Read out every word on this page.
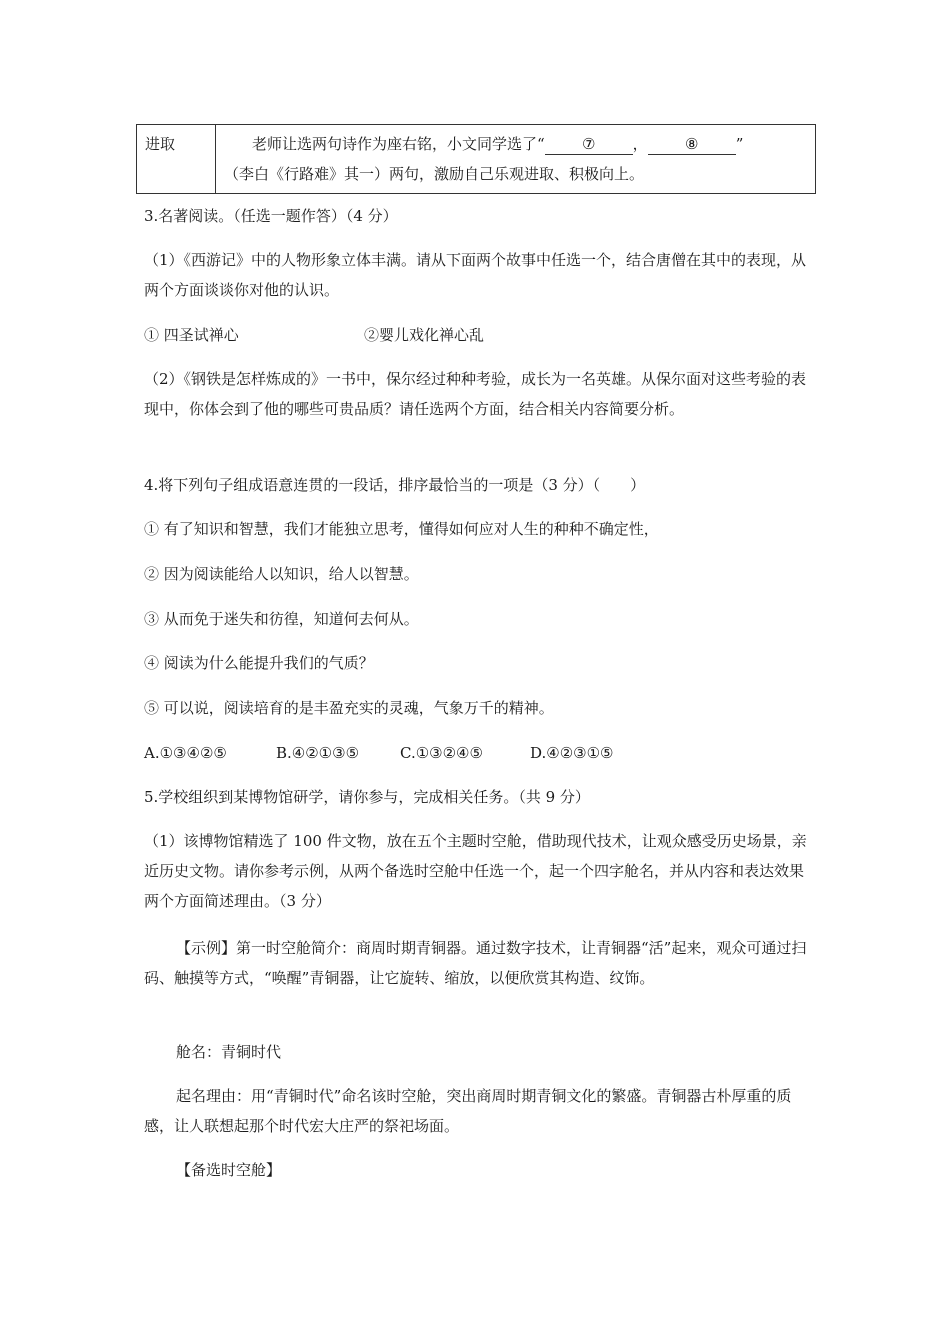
进取	老师让选两句诗作为座右铭，小文同学选了“ ⑦ ， ⑧ ”
（李白《行路难》其一）两句，激励自己乐观进取、积极向上。

3.名著阅读。（任选一题作答）（4 分）

（1）《西游记》中的人物形象立体丰满。请从下面两个故事中任选一个，结合唐僧在其中的表现，从两个方面谈谈你对他的认识。

① 四圣试禅心	②婴儿戏化禅心乱

（2）《钢铁是怎样炼成的》一书中，保尔经过种种考验，成长为一名英雄。从保尔面对这些考验的表现中，你体会到了他的哪些可贵品质？请任选两个方面，结合相关内容简要分析。

4.将下列句子组成语意连贯的一段话，排序最恰当的一项是（3 分）（　　）

① 有了知识和智慧，我们才能独立思考，懂得如何应对人生的种种不确定性，

② 因为阅读能给人以知识，给人以智慧。

③ 从而免于迷失和彷徨，知道何去何从。

④ 阅读为什么能提升我们的气质？

⑤ 可以说，阅读培育的是丰盈充实的灵魂，气象万千的精神。

A.①③④②⑤	B.④②①③⑤	C.①③②④⑤	D.④②③①⑤

5.学校组织到某博物馆研学，请你参与，完成相关任务。（共 9 分）

（1）该博物馆精选了 100 件文物，放在五个主题时空舱，借助现代技术，让观众感受历史场景，亲近历史文物。请你参考示例，从两个备选时空舱中任选一个，起一个四字舱名，并从内容和表达效果两个方面简述理由。（3 分）

【示例】第一时空舱简介：商周时期青铜器。通过数字技术，让青铜器“活”起来，观众可通过扫码、触摸等方式，“唤醒”青铜器，让它旋转、缩放，以便欣赏其构造、纹饰。

舱名：青铜时代

起名理由：用“青铜时代”命名该时空舱，突出商周时期青铜文化的繁盛。青铜器古朴厚重的质感，让人联想起那个时代宏大庄严的祭祀场面。

【备选时空舱】
